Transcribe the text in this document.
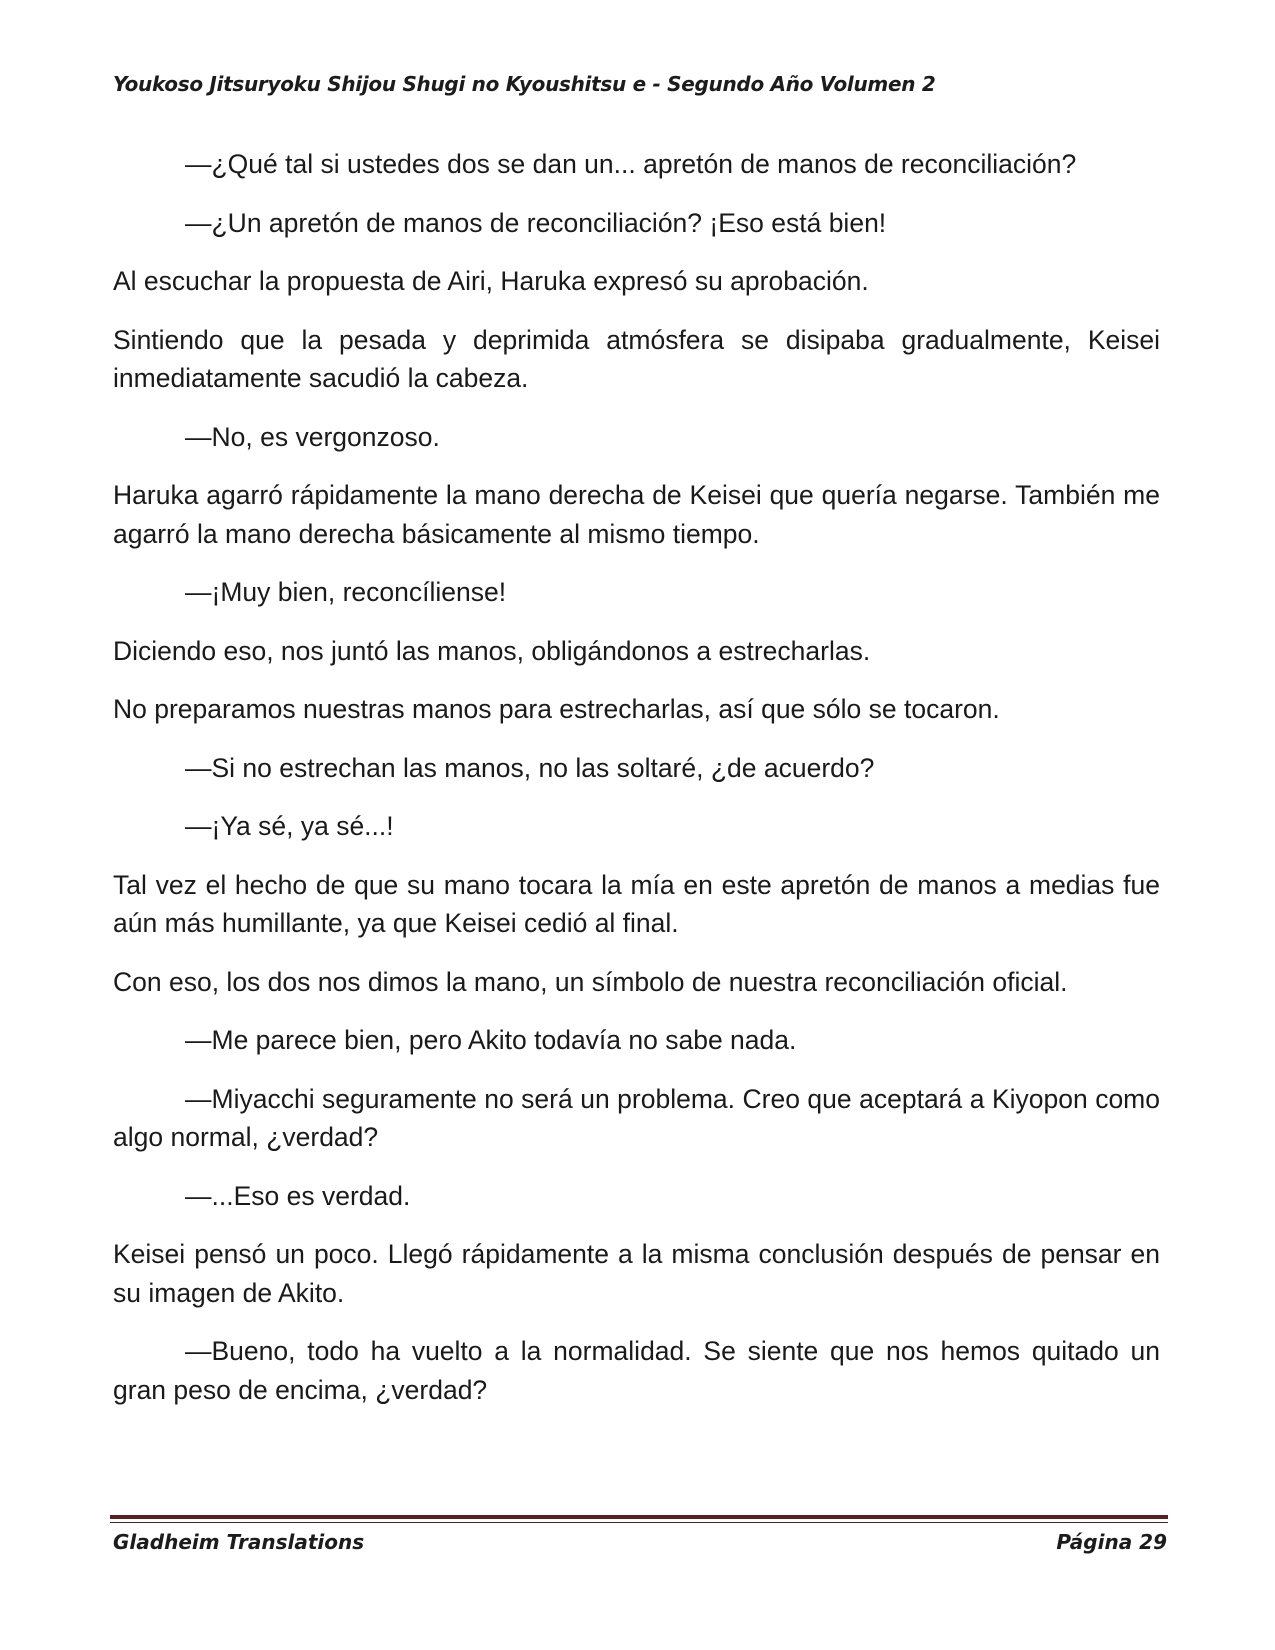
Youkoso Jitsuryoku Shijou Shugi no Kyoushitsu e - Segundo Año Volumen 2

—¿Qué tal si ustedes dos se dan un... apretón de manos de reconciliación?

—¿Un apretón de manos de reconciliación? ¡Eso está bien!

Al escuchar la propuesta de Airi, Haruka expresó su aprobación.

Sintiendo que la pesada y deprimida atmósfera se disipaba gradualmente, Keisei inmediatamente sacudió la cabeza.

—No, es vergonzoso.

Haruka agarró rápidamente la mano derecha de Keisei que quería negarse. También me agarró la mano derecha básicamente al mismo tiempo.

—¡Muy bien, reconcíliense!

Diciendo eso, nos juntó las manos, obligándonos a estrecharlas.

No preparamos nuestras manos para estrecharlas, así que sólo se tocaron.

—Si no estrechan las manos, no las soltaré, ¿de acuerdo?

—¡Ya sé, ya sé...!

Tal vez el hecho de que su mano tocara la mía en este apretón de manos a medias fue aún más humillante, ya que Keisei cedió al final.

Con eso, los dos nos dimos la mano, un símbolo de nuestra reconciliación oficial.

—Me parece bien, pero Akito todavía no sabe nada.

—Miyacchi seguramente no será un problema. Creo que aceptará a Kiyopon como algo normal, ¿verdad?

—...Eso es verdad.

Keisei pensó un poco. Llegó rápidamente a la misma conclusión después de pensar en su imagen de Akito.

—Bueno, todo ha vuelto a la normalidad. Se siente que nos hemos quitado un gran peso de encima, ¿verdad?

Gladheim Translations	Página 29
